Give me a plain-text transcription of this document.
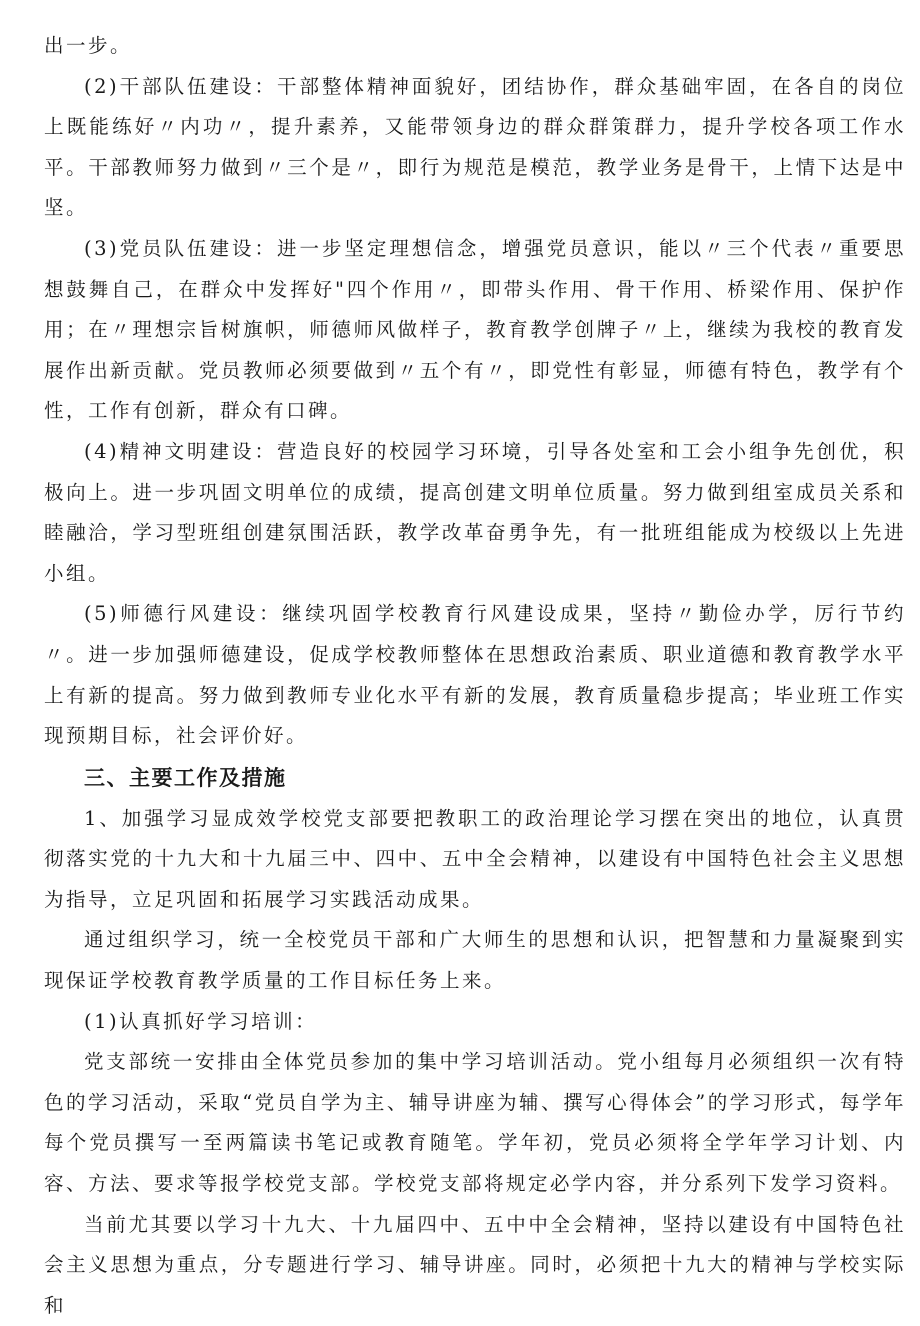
出一步。

(2)干部队伍建设：干部整体精神面貌好，团结协作，群众基础牢固，在各自的岗位上既能练好〃内功〃，提升素养，又能带领身边的群众群策群力，提升学校各项工作水平。干部教师努力做到〃三个是〃，即行为规范是模范，教学业务是骨干，上情下达是中坚。

(3)党员队伍建设：进一步坚定理想信念，增强党员意识，能以〃三个代表〃重要思想鼓舞自己，在群众中发挥好"四个作用〃，即带头作用、骨干作用、桥梁作用、保护作用；在〃理想宗旨树旗帜，师德师风做样子，教育教学创牌子〃上，继续为我校的教育发展作出新贡献。党员教师必须要做到〃五个有〃，即党性有彰显，师德有特色，教学有个性，工作有创新，群众有口碑。

(4)精神文明建设：营造良好的校园学习环境，引导各处室和工会小组争先创优，积极向上。进一步巩固文明单位的成绩，提高创建文明单位质量。努力做到组室成员关系和睦融洽，学习型班组创建氛围活跃，教学改革奋勇争先，有一批班组能成为校级以上先进小组。

(5)师德行风建设：继续巩固学校教育行风建设成果，坚持〃勤俭办学，厉行节约〃。进一步加强师德建设，促成学校教师整体在思想政治素质、职业道德和教育教学水平上有新的提高。努力做到教师专业化水平有新的发展，教育质量稳步提高；毕业班工作实现预期目标，社会评价好。

三、主要工作及措施

1、加强学习显成效学校党支部要把教职工的政治理论学习摆在突出的地位，认真贯彻落实党的十九大和十九届三中、四中、五中全会精神，以建设有中国特色社会主义思想为指导，立足巩固和拓展学习实践活动成果。

通过组织学习，统一全校党员干部和广大师生的思想和认识，把智慧和力量凝聚到实现保证学校教育教学质量的工作目标任务上来。

(1)认真抓好学习培训：

党支部统一安排由全体党员参加的集中学习培训活动。党小组每月必须组织一次有特色的学习活动，采取“党员自学为主、辅导讲座为辅、撰写心得体会”的学习形式，每学年每个党员撰写一至两篇读书笔记或教育随笔。学年初，党员必须将全学年学习计划、内容、方法、要求等报学校党支部。学校党支部将规定必学内容，并分系列下发学习资料。

当前尤其要以学习十九大、十九届四中、五中中全会精神，坚持以建设有中国特色社会主义思想为重点，分专题进行学习、辅导讲座。同时，必须把十九大的精神与学校实际和
